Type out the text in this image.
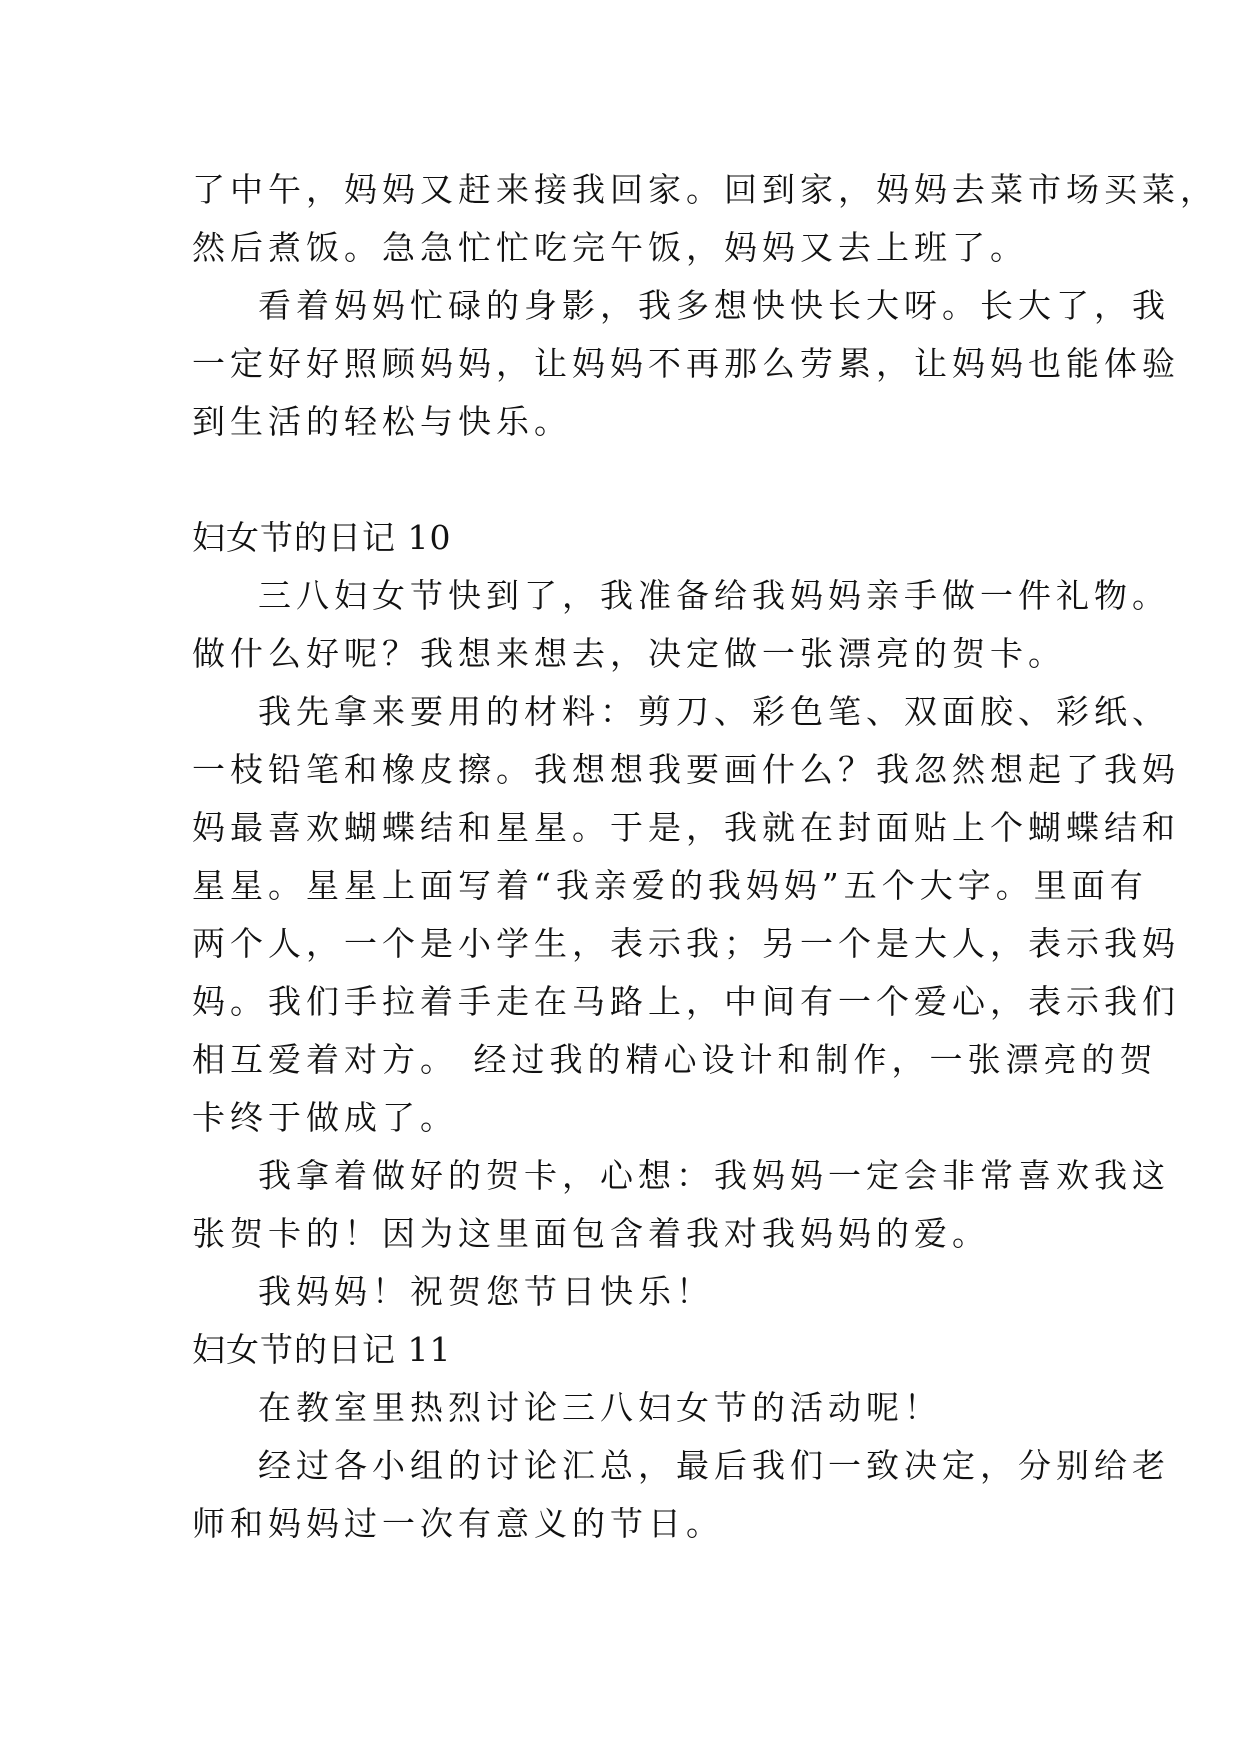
了中午，妈妈又赶来接我回家。回到家，妈妈去菜市场买菜，
然后煮饭。急急忙忙吃完午饭，妈妈又去上班了。
看着妈妈忙碌的身影，我多想快快长大呀。长大了，我
一定好好照顾妈妈，让妈妈不再那么劳累，让妈妈也能体验
到生活的轻松与快乐。
妇女节的日记 10
三八妇女节快到了，我准备给我妈妈亲手做一件礼物。
做什么好呢？我想来想去，决定做一张漂亮的贺卡。
我先拿来要用的材料：剪刀、彩色笔、双面胶、彩纸、
一枝铅笔和橡皮擦。我想想我要画什么？我忽然想起了我妈
妈最喜欢蝴蝶结和星星。于是，我就在封面贴上个蝴蝶结和
星星。星星上面写着“我亲爱的我妈妈”五个大字。里面有
两个人，一个是小学生，表示我；另一个是大人，表示我妈
妈。我们手拉着手走在马路上，中间有一个爱心，表示我们
相互爱着对方。 经过我的精心设计和制作，一张漂亮的贺
卡终于做成了。
我拿着做好的贺卡，心想：我妈妈一定会非常喜欢我这
张贺卡的！因为这里面包含着我对我妈妈的爱。
我妈妈！祝贺您节日快乐！
妇女节的日记 11
在教室里热烈讨论三八妇女节的活动呢！
经过各小组的讨论汇总，最后我们一致决定，分别给老
师和妈妈过一次有意义的节日。
